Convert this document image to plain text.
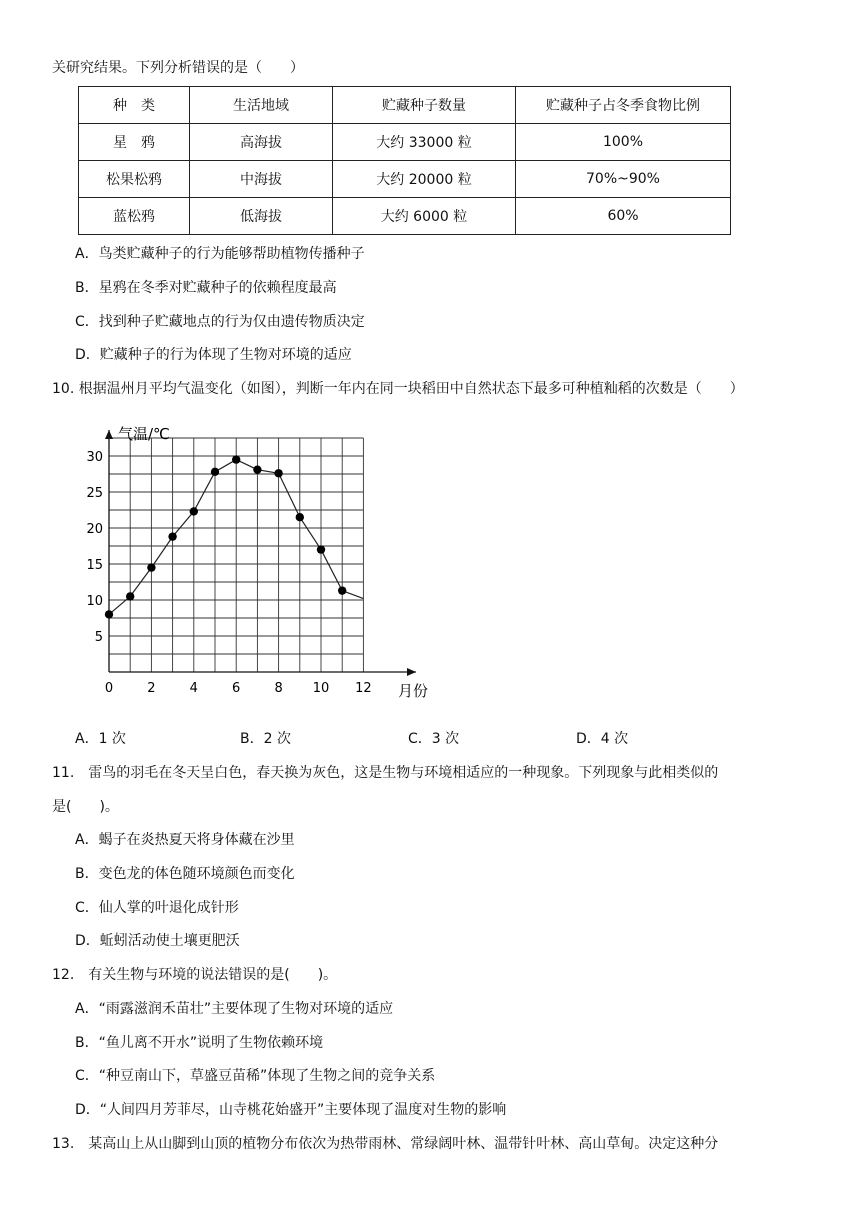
关研究结果。下列分析错误的是（　　）
种　类	生活地域	贮藏种子数量	贮藏种子占冬季食物比例
星　鸦	高海拔	大约 33000 粒	100%
松果松鸦	中海拔	大约 20000 粒	70%~90%
蓝松鸦	低海拔	大约 6000 粒	60%
A．鸟类贮藏种子的行为能够帮助植物传播种子
B．星鸦在冬季对贮藏种子的依赖程度最高
C．找到种子贮藏地点的行为仅由遗传物质决定
D．贮藏种子的行为体现了生物对环境的适应
10. 根据温州月平均气温变化（如图），判断一年内在同一块稻田中自然状态下最多可种植籼稻的次数是（　　）
0	2	4	6	8 10 12
5
10
15
20
25
30
气温/℃
月份
A．1 次	B．2 次	C．3 次	D．4 次
11.　雷鸟的羽毛在冬天呈白色，春天换为灰色，这是生物与环境相适应的一种现象。下列现象与此相类似的
是(　　)。
A．蝎子在炎热夏天将身体藏在沙里
B．变色龙的体色随环境颜色而变化
C．仙人掌的叶退化成针形
D．蚯蚓活动使土壤更肥沃
12.　有关生物与环境的说法错误的是(　　)。
A．“雨露滋润禾苗壮”主要体现了生物对环境的适应
B．“鱼儿离不开水”说明了生物依赖环境
C．“种豆南山下，草盛豆苗稀”体现了生物之间的竞争关系
D．“人间四月芳菲尽，山寺桃花始盛开”主要体现了温度对生物的影响
13.　某高山上从山脚到山顶的植物分布依次为热带雨林、常绿阔叶林、温带针叶林、高山草甸。决定这种分
